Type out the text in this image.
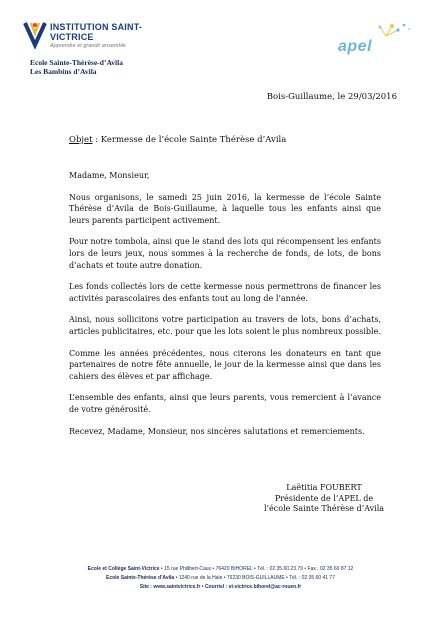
INSTITUTION SAINT-VICTRICE
Apprendre et grandir ensemble
Ecole Sainte-Thérèse-d’Avila
Les Bambins d’Avila
apel
Bois-Guillaume, le 29/03/2016
Objet : Kermesse de l’école Sainte Thérèse d’Avila

Madame, Monsieur,

Nous organisons, le samedi 25 juin 2016, la kermesse de l’école Sainte Thérèse d’Avila de Bois-Guillaume, à laquelle tous les enfants ainsi que leurs parents participent activement.

Pour notre tombola, ainsi que le stand des lots qui récompensent les enfants lors de leurs jeux, nous sommes à la recherche de fonds, de lots, de bons d’achats et toute autre donation.

Les fonds collectés lors de cette kermesse nous permettrons de financer les activités parascolaires des enfants tout au long de l’année.

Ainsi, nous sollicitons votre participation au travers de lots, bons d’achats, articles publicitaires, etc. pour que les lots soient le plus nombreux possible.

Comme les années précédentes, nous citerons les donateurs en tant que partenaires de notre fête annuelle, le jour de la kermesse ainsi que dans les cahiers des élèves et par affichage.

L’ensemble des enfants, ainsi que leurs parents, vous remercient à l’avance de votre générosité.

Recevez, Madame, Monsieur, nos sincères salutations et remerciements.

Laëtitia FOUBERT
Présidente de l’APEL de
l’école Sainte Thérèse d’Avila
Ecole et Collège Saint-Victrice • 15 rue Philibert-Caux • 76420 BIHOREL • Tél. : 02.35.60.23.79 • Fax : 02 35 60 87 12
Ecole Sainte-Thérèse d’Avila • 1240 rue de la Haie • 76230 BOIS-GUILLAUME • Tél. : 02 35 60 41 77
Site : www.saintvictrice.fr • Courriel : st-victrice.bihorel@ac-rouen.fr
